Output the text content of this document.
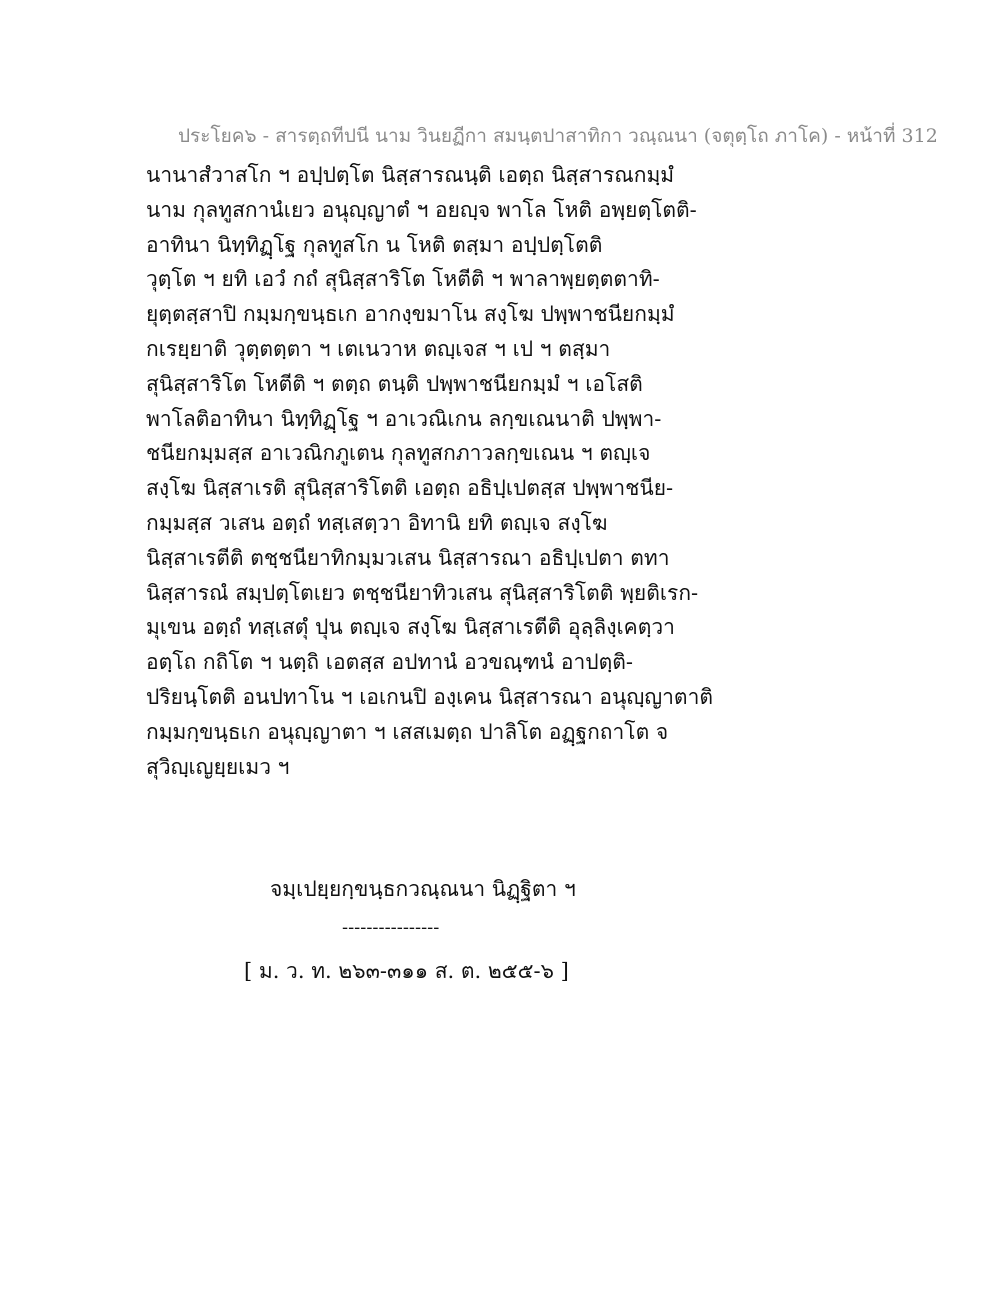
ประโยค๖ - สารตฺถทีปนี นาม วินยฏีกา สมนฺตปาสาทิกา วณฺณนา (จตุตฺโถ ภาโค) - หน้าที่ 312
นานาสํวาสโก ฯ อปฺปตฺโต นิสฺสารณนฺติ เอตฺถ นิสฺสารณกมฺมํ
นาม กุลทูสกานํเยว อนุญฺญาตํ ฯ อยญฺจ พาโล โหติ อพฺยตฺโตติ-
อาทินา นิทฺทิฏฺโฐ กุลทูสโก น โหติ ตสฺมา อปฺปตฺโตติ
วุตฺโต ฯ ยทิ เอวํ กถํ สุนิสฺสาริโต โหตีติ ฯ พาลาพฺยตฺตตาทิ-
ยุตฺตสฺสาปิ กมฺมกฺขนฺธเก อากงฺขมาโน สงฺโฆ ปพฺพาชนียกมฺมํ
กเรยฺยาติ วุตฺตตฺตา ฯ เตเนวาห ตญฺเจส ฯ เป ฯ ตสฺมา
สุนิสฺสาริโต โหตีติ ฯ ตตฺถ ตนฺติ ปพฺพาชนียกมฺมํ ฯ เอโสติ
พาโลติอาทินา นิทฺทิฏฺโฐ ฯ อาเวณิเกน ลกฺขเณนาติ ปพฺพา-
ชนียกมฺมสฺส อาเวณิกภูเตน กุลทูสกภาวลกฺขเณน ฯ ตญฺเจ
สงฺโฆ นิสฺสาเรติ สุนิสฺสาริโตติ เอตฺถ อธิปฺเปตสฺส ปพฺพาชนีย-
กมฺมสฺส วเสน อตฺถํ ทสฺเสตฺวา อิทานิ ยทิ ตญฺเจ สงฺโฆ
นิสฺสาเรตีติ ตชฺชนียาทิกมฺมวเสน นิสฺสารณา อธิปฺเปตา ตทา
นิสฺสารณํ สมฺปตฺโตเยว ตชฺชนียาทิวเสน สุนิสฺสาริโตติ พฺยติเรก-
มุเขน อตฺถํ ทสฺเสตุํ ปุน ตญฺเจ สงฺโฆ นิสฺสาเรตีติ อุลฺลิงฺเคตฺวา
อตฺโถ กถิโต ฯ นตฺถิ เอตสฺส อปทานํ อวขณฺฑนํ อาปตฺติ-
ปริยนฺโตติ อนปทาโน ฯ เอเกนปิ องฺเคน นิสฺสารณา อนุญฺญาตาติ
กมฺมกฺขนฺธเก อนุญฺญาตา ฯ เสสเมตฺถ ปาลิโต อฏฺฐกถาโต จ
สุวิญฺเญยฺยเมว ฯ
จมฺเปยฺยกฺขนฺธกวณฺณนา นิฏฺฐิตา ฯ
----------------
[ ม. ว. ท. ๒๖๓-๓๑๑ ส. ต. ๒๕๕-๖ ]
